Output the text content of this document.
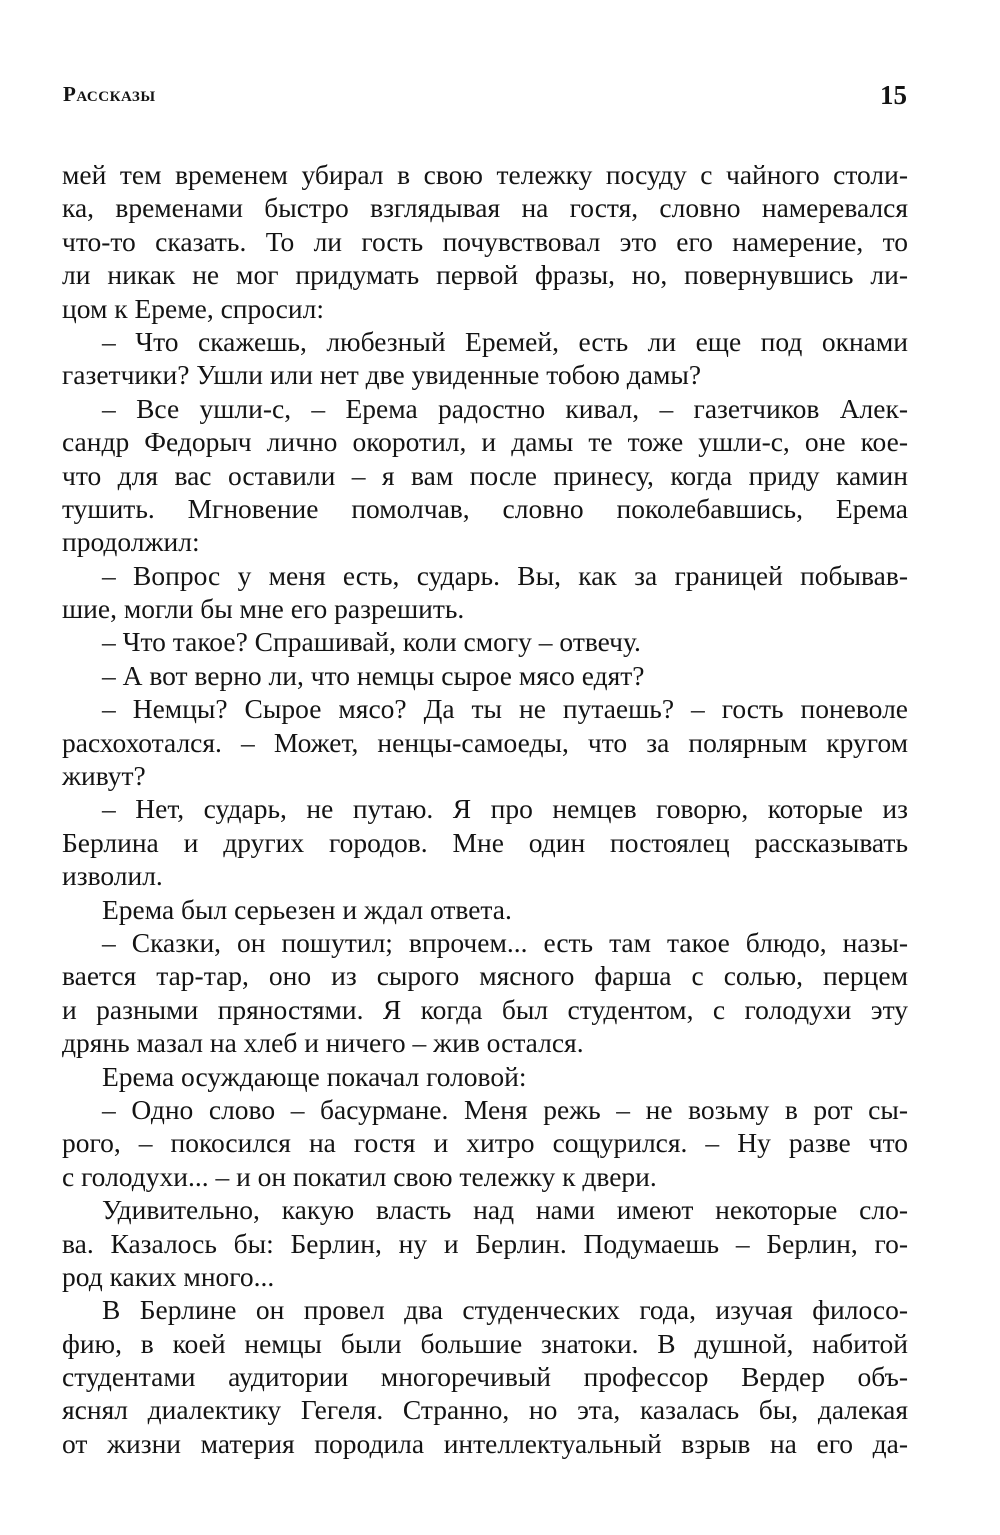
Рассказы	15
мей тем временем убирал в свою тележку посуду с чайного столи-
ка, временами быстро взглядывая на гостя, словно намеревался
что-то сказать. То ли гость почувствовал это его намерение, то
ли никак не мог придумать первой фразы, но, повернувшись ли-
цом к Ереме, спросил:
– Что скажешь, любезный Еремей, есть ли еще под окнами
газетчики? Ушли или нет две увиденные тобою дамы?
– Все ушли-с, – Ерема радостно кивал, – газетчиков Алек-
сандр Федорыч лично окоротил, и дамы те тоже ушли-с, оне кое-
что для вас оставили – я вам после принесу, когда приду камин
тушить. Мгновение помолчав, словно поколебавшись, Ерема
продолжил:
– Вопрос у меня есть, сударь. Вы, как за границей побывав-
шие, могли бы мне его разрешить.
– Что такое? Спрашивай, коли смогу – отвечу.
– А вот верно ли, что немцы сырое мясо едят?
– Немцы? Сырое мясо? Да ты не путаешь? – гость поневоле
расхохотался. – Может, ненцы-самоеды, что за полярным кругом
живут?
– Нет, сударь, не путаю. Я про немцев говорю, которые из
Берлина и других городов. Мне один постоялец рассказывать
изволил.
Ерема был серьезен и ждал ответа.
– Сказки, он пошутил; впрочем... есть там такое блюдо, назы-
вается тар-тар, оно из сырого мясного фарша с солью, перцем
и разными пряностями. Я когда был студентом, с голодухи эту
дрянь мазал на хлеб и ничего – жив остался.
Ерема осуждающе покачал головой:
– Одно слово – басурмане. Меня режь – не возьму в рот сы-
рого, – покосился на гостя и хитро сощурился. – Ну разве что
с голодухи... – и он покатил свою тележку к двери.
Удивительно, какую власть над нами имеют некоторые сло-
ва. Казалось бы: Берлин, ну и Берлин. Подумаешь – Берлин, го-
род каких много...
В Берлине он провел два студенческих года, изучая филосо-
фию, в коей немцы были большие знатоки. В душной, набитой
студентами аудитории многоречивый профессор Вердер объ-
яснял диалектику Гегеля. Странно, но эта, казалась бы, далекая
от жизни материя породила интеллектуальный взрыв на его да-
